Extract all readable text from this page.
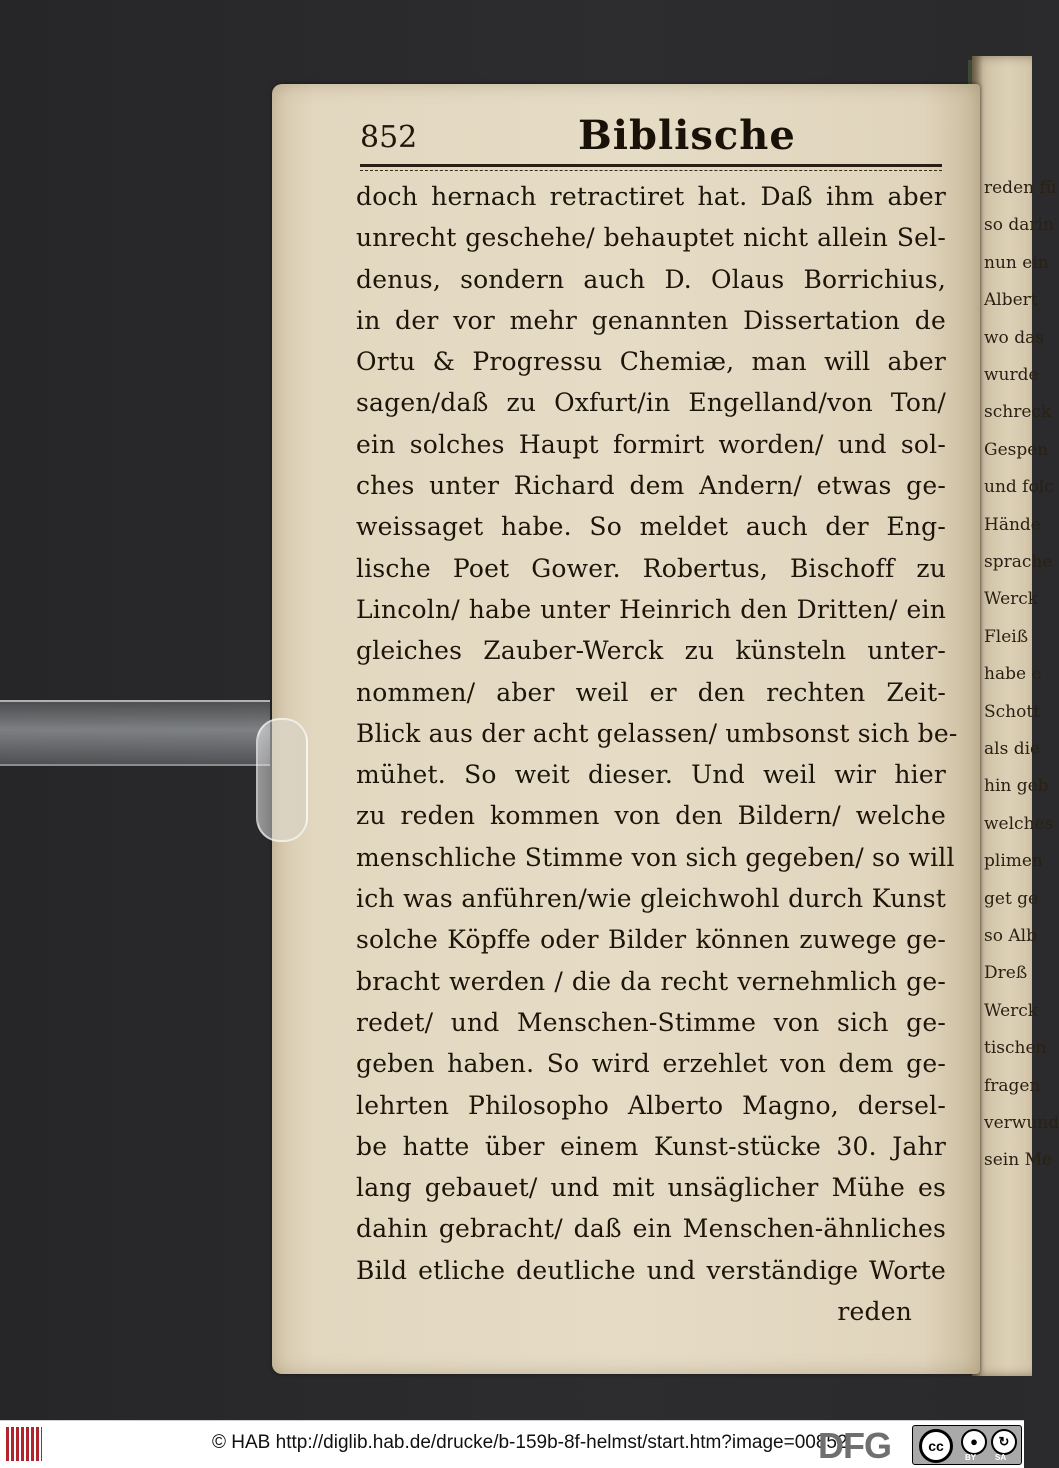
reden fü
so darin
nun ein
Albert
wo das
wurde
schreck
Gespen
und folc
Hände
sprache
Werck
Fleiß
habe e
Schott
als die
hin geb
welches
plimen
get ge
so Alb
Dreß
Werck
tischen
fragen
verwund
sein Me
852	Biblische
doch hernach retractiret hat. Daß ihm aber
unrecht geschehe/ behauptet nicht allein Sel-
denus, sondern auch D. Olaus Borrichius,
in der vor mehr genannten Dissertation de
Ortu & Progressu Chemiæ, man will aber
sagen/daß zu Oxfurt/in Engelland/von Ton/
ein solches Haupt formirt worden/ und sol-
ches unter Richard dem Andern/ etwas ge-
weissaget habe. So meldet auch der Eng-
lische Poet Gower. Robertus, Bischoff zu
Lincoln/ habe unter Heinrich den Dritten/ ein
gleiches Zauber-Werck zu künsteln unter-
nommen/ aber weil er den rechten Zeit-
Blick aus der acht gelassen/ umbsonst sich be-
mühet. So weit dieser. Und weil wir hier
zu reden kommen von den Bildern/ welche
menschliche Stimme von sich gegeben/ so will
ich was anführen/wie gleichwohl durch Kunst
solche Köpffe oder Bilder können zuwege ge-
bracht werden / die da recht vernehmlich ge-
redet/ und Menschen-Stimme von sich ge-
geben haben. So wird erzehlet von dem ge-
lehrten Philosopho Alberto Magno, dersel-
be hatte über einem Kunst-stücke 30. Jahr
lang gebauet/ und mit unsäglicher Mühe es
dahin gebracht/ daß ein Menschen-ähnliches
Bild etliche deutliche und verständige Worte
reden
© HAB http://diglib.hab.de/drucke/b-159b-8f-helmst/start.htm?image=00852
DFG	cc	●	↻
BY SA
